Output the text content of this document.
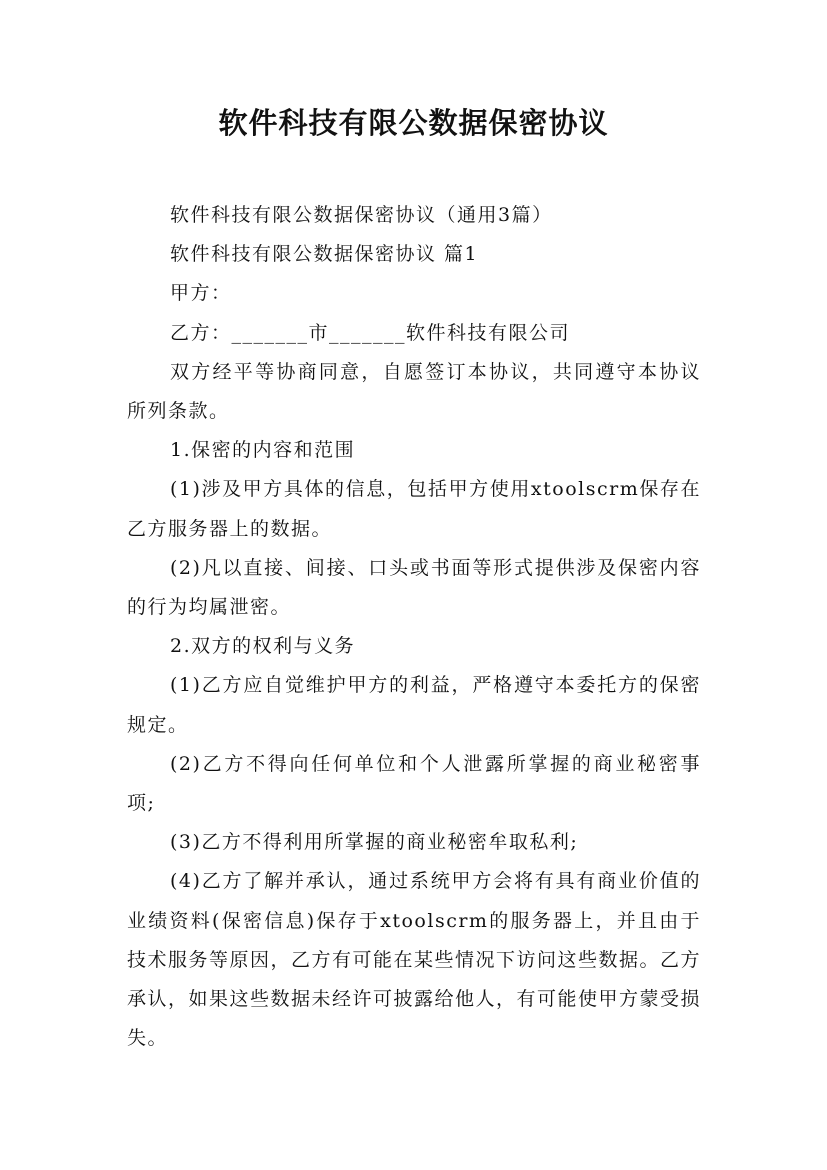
软件科技有限公数据保密协议

软件科技有限公数据保密协议（通用3篇）

软件科技有限公数据保密协议 篇1

甲方：

乙方：_______市_______软件科技有限公司

双方经平等协商同意，自愿签订本协议，共同遵守本协议所列条款。

1.保密的内容和范围

(1)涉及甲方具体的信息，包括甲方使用xtoolscrm保存在乙方服务器上的数据。

(2)凡以直接、间接、口头或书面等形式提供涉及保密内容的行为均属泄密。

2.双方的权利与义务

(1)乙方应自觉维护甲方的利益，严格遵守本委托方的保密规定。

(2)乙方不得向任何单位和个人泄露所掌握的商业秘密事项;

(3)乙方不得利用所掌握的商业秘密牟取私利;

(4)乙方了解并承认，通过系统甲方会将有具有商业价值的业绩资料(保密信息)保存于xtoolscrm的服务器上，并且由于技术服务等原因，乙方有可能在某些情况下访问这些数据。乙方承认，如果这些数据未经许可披露给他人，有可能使甲方蒙受损失。
